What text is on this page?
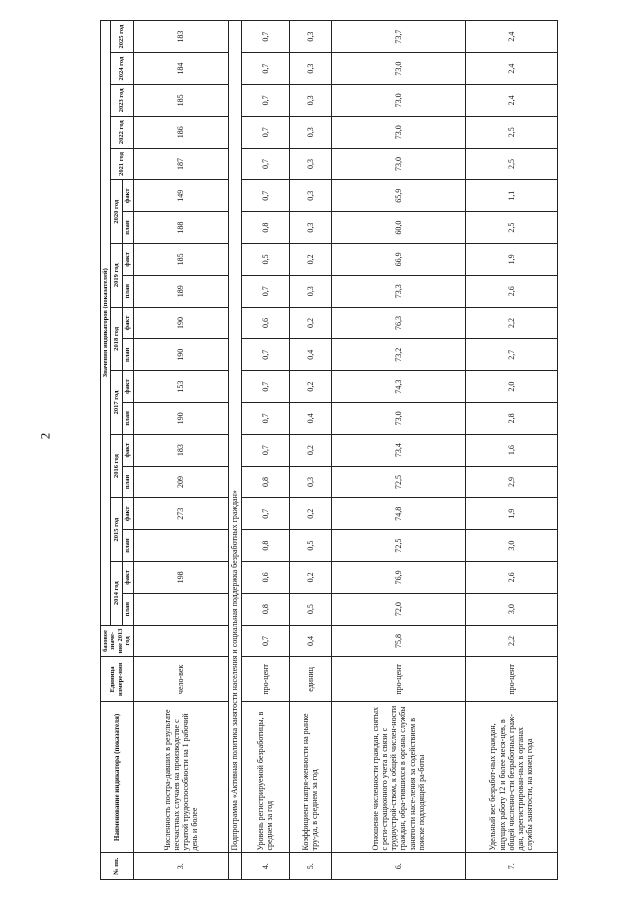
2
№ пп.	Наименование индикатора (показателя)	Единица измере-ния	базовое значе-ние 2013 год	Значения индикаторов (показателей)																		
				2014 год		2015 год		2016 год		2017 год		2018 год		2019 год		2020 год		2021 год	2022 год	2023 год	2024 год	2025 год
				план	факт	план	факт	план	факт	план	факт	план	факт	план	факт	план	факт					
3.	Численность постра-давших в результате несчастных случаев на производстве с утратой трудоспособности на 1 рабочий день и более	чело-век			198		273	209	183	190	153	190	190	189	185	188	149	187	186	185	184	183
	Подпрограмма «Активная политика занятости населения и социальная поддержка безработных граждан»																					
4.	Уровень регистрируемой безработицы, в среднем за год	про-цент	0,7	0,8	0,6	0,8	0,7	0,8	0,7	0,7	0,7	0,7	0,6	0,7	0,5	0,8	0,7	0,7	0,7	0,7	0,7	0,7
5.	Коэффициент напря-женности на рынке тру-да, в среднем за год	единиц	0,4	0,5	0,2	0,5	0,2	0,3	0,2	0,4	0,2	0,4	0,2	0,3	0,2	0,3	0,3	0,3	0,3	0,3	0,3	0,3
6.	Отношение численности граждан, снятых с реги-страционного учета в связи с трудоустрой-ством, к общей числен-ности граждан, обра-тившихся в органы службы занятости насе-ления за содействием в поиске подходящей ра-боты	про-цент	75,8	72,0	76,9	72,5	74,8	72,5	73,4	73,0	74,3	73,2	76,3	73,3	66,9	60,0	65,9	73,0	73,0	73,0	73,0	73,7
7.	Удельный вес безработ-ных граждан, ищущих работу 12 и более меся-цев, в общей численно-сти безработных граж-дан, зарегистрирован-ных в органах службы занятости, на конец года	про-цент	2,2	3,0	2,6	3,0	1,9	2,9	1,6	2,8	2,0	2,7	2,2	2,6	1,9	2,5	1,1	2,5	2,5	2,4	2,4	2,4
